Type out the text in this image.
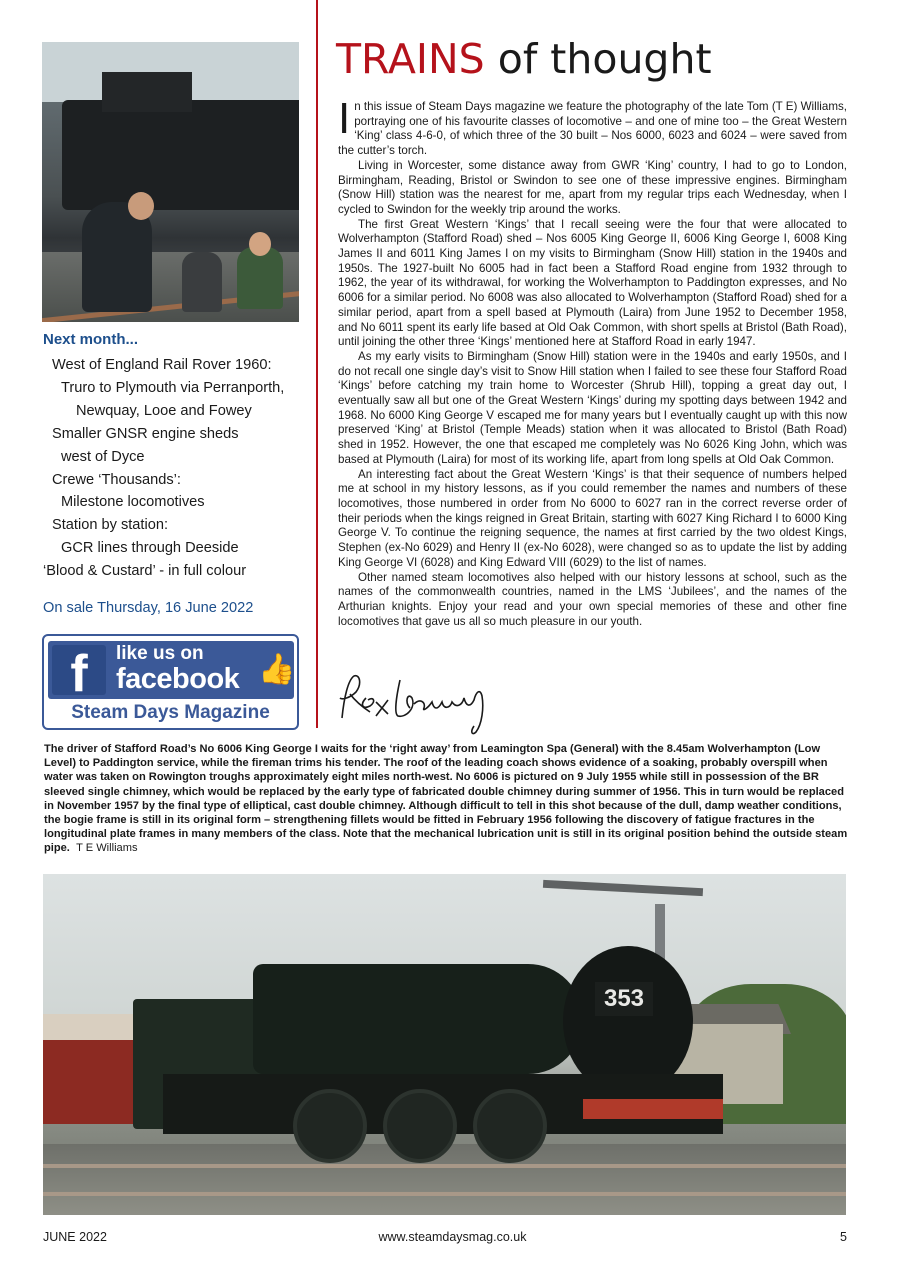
Next month...
West of England Rail Rover 1960:
Truro to Plymouth via Perranporth,
Newquay, Looe and Fowey
Smaller GNSR engine sheds
west of Dyce
Crewe ‘Thousands’:
Milestone locomotives
Station by station:
GCR lines through Deeside
‘Blood & Custard’ - in full colour
On sale Thursday, 16 June 2022
f	like us on
facebook 👍
Steam Days Magazine
TRAINS of thought

In this issue of Steam Days magazine we feature the photography of the late Tom (T E) Williams, portraying one of his favourite classes of locomotive – and one of mine too – the Great Western ‘King’ class 4-6-0, of which three of the 30 built – Nos 6000, 6023 and 6024 – were saved from the cutter’s torch.

Living in Worcester, some distance away from GWR ‘King’ country, I had to go to London, Birmingham, Reading, Bristol or Swindon to see one of these impressive engines. Birmingham (Snow Hill) station was the nearest for me, apart from my regular trips each Wednesday, when I cycled to Swindon for the weekly trip around the works.

The first Great Western ‘Kings’ that I recall seeing were the four that were allocated to Wolverhampton (Stafford Road) shed – Nos 6005 King George II, 6006 King George I, 6008 King James II and 6011 King James I on my visits to Birmingham (Snow Hill) station in the 1940s and 1950s. The 1927-built No 6005 had in fact been a Stafford Road engine from 1932 through to 1962, the year of its withdrawal, for working the Wolverhampton to Paddington expresses, and No 6006 for a similar period. No 6008 was also allocated to Wolverhampton (Stafford Road) shed for a similar period, apart from a spell based at Plymouth (Laira) from June 1952 to December 1958, and No 6011 spent its early life based at Old Oak Common, with short spells at Bristol (Bath Road), until joining the other three ‘Kings’ mentioned here at Stafford Road in early 1947.

As my early visits to Birmingham (Snow Hill) station were in the 1940s and early 1950s, and I do not recall one single day’s visit to Snow Hill station when I failed to see these four Stafford Road ‘Kings’ before catching my train home to Worcester (Shrub Hill), topping a great day out, I eventually saw all but one of the Great Western ‘Kings’ during my spotting days between 1942 and 1968. No 6000 King George V escaped me for many years but I eventually caught up with this now preserved ‘King’ at Bristol (Temple Meads) station when it was allocated to Bristol (Bath Road) shed in 1952. However, the one that escaped me completely was No 6026 King John, which was based at Plymouth (Laira) for most of its working life, apart from long spells at Old Oak Common.

An interesting fact about the Great Western ‘Kings’ is that their sequence of numbers helped me at school in my history lessons, as if you could remember the names and numbers of these locomotives, those numbered in order from No 6000 to 6027 ran in the correct reverse order of their periods when the kings reigned in Great Britain, starting with 6027 King Richard I to 6000 King George V. To continue the reigning sequence, the names at first carried by the two oldest Kings, Stephen (ex-No 6029) and Henry II (ex-No 6028), were changed so as to update the list by adding King George VI (6028) and King Edward VIII (6029) to the list of names.

Other named steam locomotives also helped with our history lessons at school, such as the names of the commonwealth countries, named in the LMS ‘Jubilees’, and the names of the Arthurian knights. Enjoy your read and your own special memories of these and other fine locomotives that gave us all so much pleasure in our youth.

The driver of Stafford Road’s No 6006 King George I waits for the ‘right away’ from Leamington Spa (General) with the 8.45am Wolverhampton (Low Level) to Paddington service, while the fireman trims his tender. The roof of the leading coach shows evidence of a soaking, probably overspill when water was taken on Rowington troughs approximately eight miles north-west. No 6006 is pictured on 9 July 1955 while still in possession of the BR sleeved single chimney, which would be replaced by the early type of fabricated double chimney during summer of 1956. This in turn would be replaced in November 1957 by the final type of elliptical, cast double chimney. Although difficult to tell in this shot because of the dull, damp weather conditions, the bogie frame is still in its original form – strengthening fillets would be fitted in February 1956 following the discovery of fatigue fractures in the longitudinal plate frames in many members of the class. Note that the mechanical lubrication unit is still in its original position behind the outside steam pipe. T E Williams
353
JUNE 2022	www.steamdaysmag.co.uk	5
